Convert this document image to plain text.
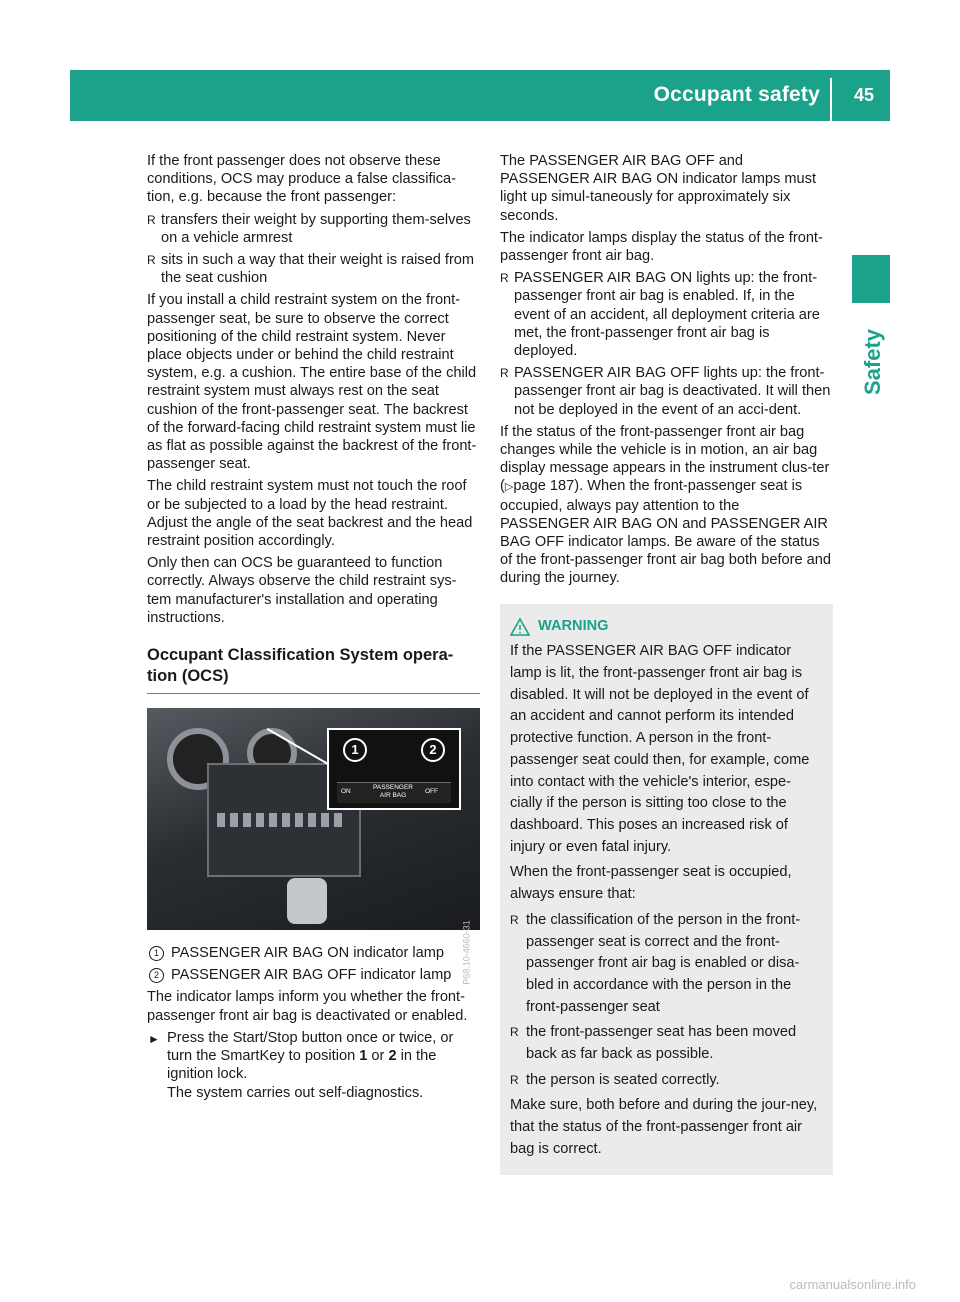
Occupant safety 45
Safety

If the front passenger does not observe these conditions, OCS may produce a false classifica-tion, e.g. because the front passenger:

R transfers their weight by supporting them-selves on a vehicle armrest
R sits in such a way that their weight is raised from the seat cushion

If you install a child restraint system on the front-passenger seat, be sure to observe the correct positioning of the child restraint system. Never place objects under or behind the child restraint system, e.g. a cushion. The entire base of the child restraint system must always rest on the seat cushion of the front-passenger seat. The backrest of the forward-facing child restraint system must lie as flat as possible against the backrest of the front-passenger seat.

The child restraint system must not touch the roof or be subjected to a load by the head restraint. Adjust the angle of the seat backrest and the head restraint position accordingly.

Only then can OCS be guaranteed to function correctly. Always observe the child restraint sys-tem manufacturer's installation and operating instructions.

Occupant Classification System opera-tion (OCS)
1	2
ON
PASSENGER
AIR BAG
OFF
P68.10-4660-31
1 PASSENGER AIR BAG ON indicator lamp
2 PASSENGER AIR BAG OFF indicator lamp

The indicator lamps inform you whether the front-passenger front air bag is deactivated or enabled.

► Press the Start/Stop button once or twice, or turn the SmartKey to position 1 or 2 in the ignition lock.
The system carries out self-diagnostics.

The PASSENGER AIR BAG OFF and PASSENGER AIR BAG ON indicator lamps must light up simul-taneously for approximately six seconds.

The indicator lamps display the status of the front-passenger front air bag.

R PASSENGER AIR BAG ON lights up: the front-passenger front air bag is enabled. If, in the event of an accident, all deployment criteria are met, the front-passenger front air bag is deployed.
R PASSENGER AIR BAG OFF lights up: the front-passenger front air bag is deactivated. It will then not be deployed in the event of an acci-dent.

If the status of the front-passenger front air bag changes while the vehicle is in motion, an air bag display message appears in the instrument clus-ter (▷page 187). When the front-passenger seat is occupied, always pay attention to the PASSENGER AIR BAG ON and PASSENGER AIR BAG OFF indicator lamps. Be aware of the status of the front-passenger front air bag both before and during the journey.

WARNING

If the PASSENGER AIR BAG OFF indicator lamp is lit, the front-passenger front air bag is disabled. It will not be deployed in the event of an accident and cannot perform its intended protective function. A person in the front-passenger seat could then, for example, come into contact with the vehicle's interior, espe-cially if the person is sitting too close to the dashboard. This poses an increased risk of injury or even fatal injury.

When the front-passenger seat is occupied, always ensure that:

R the classification of the person in the front-passenger seat is correct and the front-passenger front air bag is enabled or disa-bled in accordance with the person in the front-passenger seat
R the front-passenger seat has been moved back as far back as possible.
R the person is seated correctly.

Make sure, both before and during the jour-ney, that the status of the front-passenger front air bag is correct.

carmanualsonline.info
